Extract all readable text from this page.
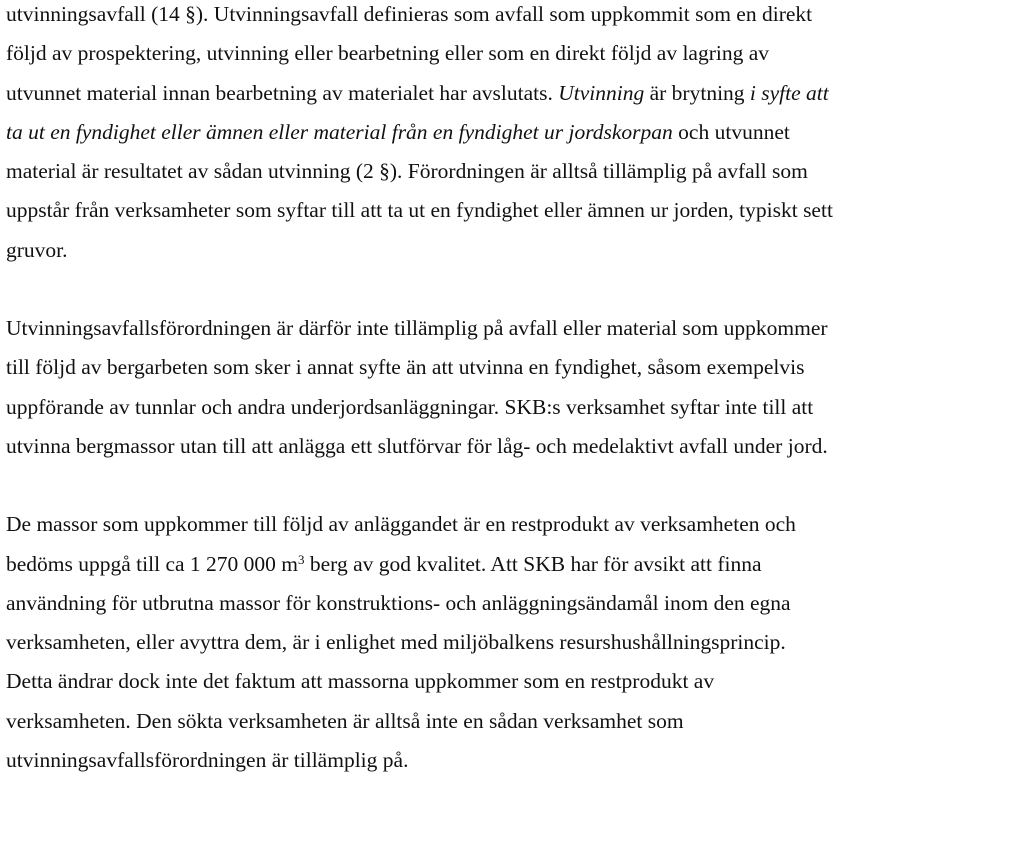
utvinningsavfall (14 §). Utvinningsavfall definieras som avfall som uppkommit som en direkt
följd av prospektering, utvinning eller bearbetning eller som en direkt följd av lagring av
utvunnet material innan bearbetning av materialet har avslutats. Utvinning är brytning i syfte att
ta ut en fyndighet eller ämnen eller material från en fyndighet ur jordskorpan och utvunnet
material är resultatet av sådan utvinning (2 §). Förordningen är alltså tillämplig på avfall som
uppstår från verksamheter som syftar till att ta ut en fyndighet eller ämnen ur jorden, typiskt sett
gruvor.
Utvinningsavfallsförordningen är därför inte tillämplig på avfall eller material som uppkommer
till följd av bergarbeten som sker i annat syfte än att utvinna en fyndighet, såsom exempelvis
uppförande av tunnlar och andra underjordsanläggningar. SKB:s verksamhet syftar inte till att
utvinna bergmassor utan till att anlägga ett slutförvar för låg- och medelaktivt avfall under jord.
De massor som uppkommer till följd av anläggandet är en restprodukt av verksamheten och
bedöms uppgå till ca 1 270 000 $m^3$ berg av god kvalitet. Att SKB har för avsikt att finna
användning för utbrutna massor för konstruktions- och anläggningsändamål inom den egna
verksamheten, eller avyttra dem, är i enlighet med miljöbalkens resurshushållningsprincip.
Detta ändrar dock inte det faktum att massorna uppkommer som en restprodukt av
verksamheten. Den sökta verksamheten är alltså inte en sådan verksamhet som
utvinningsavfallsförordningen är tillämplig på.
